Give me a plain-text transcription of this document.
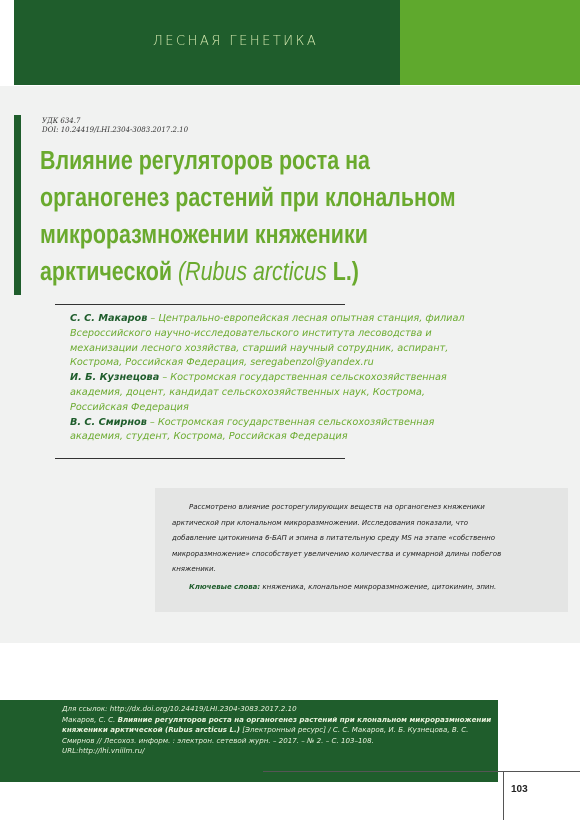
ЛЕСНАЯ ГЕНЕТИКА
УДК 634.7
DOI: 10.24419/LHI.2304-3083.2017.2.10
Влияние регуляторов роста на
органогенез растений при клональном
микроразмножении княженики
арктической (Rubus arcticus L.)
С. С. Макаров – Центрально-европейская лесная опытная станция, филиал Всероссийского научно-исследовательского института лесоводства и механизации лесного хозяйства, старший научный сотрудник, аспирант, Кострома, Российская Федерация, seregabenzol@yandex.ru
И. Б. Кузнецова – Костромская государственная сельскохозяйственная академия, доцент, кандидат сельскохозяйственных наук, Кострома, Российская Федерация
В. С. Смирнов – Костромская государственная сельскохозяйственная академия, студент, Кострома, Российская Федерация
Рассмотрено влияние росторегулирующих веществ на органогенез княженики арктической при клональном микроразмножении. Исследования показали, что добавление цитокинина 6-БАП и эпина в питательную среду MS на этапе «собственно микроразмножение» способствует увеличению количества и суммарной длины побегов княженики.
Ключевые слова: княженика, клональное микроразмножение, цитокинин, эпин.
Для ссылок: http://dx.doi.org/10.24419/LHI.2304-3083.2017.2.10
Макаров, С. С. Влияние регуляторов роста на органогенез растений при клональном микроразмножении княженики арктической (Rubus arcticus L.) [Электронный ресурс] / С. С. Макаров, И. Б. Кузнецова, В. С. Смирнов // Лесохоз. информ. : электрон. сетевой журн. – 2017. – № 2. – С. 103–108.
URL:http://lhi.vniilm.ru/
103
